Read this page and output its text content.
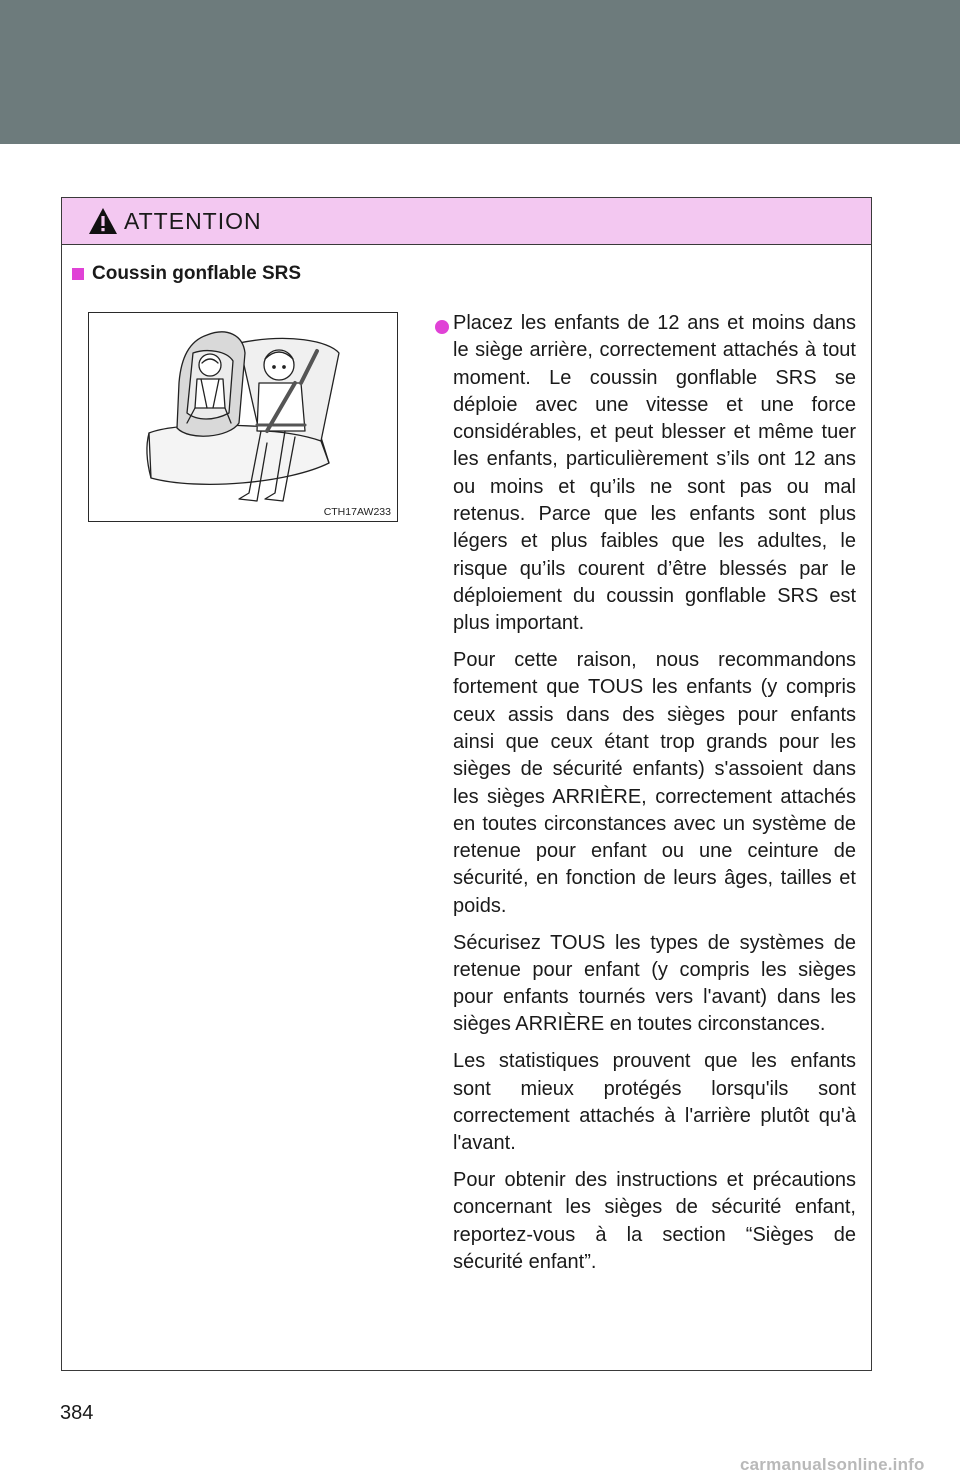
ATTENTION
Coussin gonflable SRS
CTH17AW233

Placez les enfants de 12 ans et moins dans le siège arrière, correctement attachés à tout moment. Le coussin gonflable SRS se déploie avec une vitesse et une force considérables, et peut blesser et même tuer les enfants, particulièrement s’ils ont 12 ans ou moins et qu’ils ne sont pas ou mal retenus. Parce que les enfants sont plus légers et plus faibles que les adultes, le risque qu’ils courent d’être blessés par le déploiement du coussin gonflable SRS est plus important.

Pour cette raison, nous recommandons fortement que TOUS les enfants (y compris ceux assis dans des sièges pour enfants ainsi que ceux étant trop grands pour les sièges de sécurité enfants) s'assoient dans les sièges ARRIÈRE, correctement attachés en toutes circonstances avec un système de retenue pour enfant ou une ceinture de sécurité, en fonction de leurs âges, tailles et poids.

Sécurisez TOUS les types de systèmes de retenue pour enfant (y compris les sièges pour enfants tournés vers l'avant) dans les sièges ARRIÈRE en toutes circonstances.

Les statistiques prouvent que les enfants sont mieux protégés lorsqu'ils sont correctement attachés à l'arrière plutôt qu'à l'avant.

Pour obtenir des instructions et précautions concernant les sièges de sécurité enfant, reportez-vous à la section “Sièges de sécurité enfant”.

384
carmanualsonline.info
